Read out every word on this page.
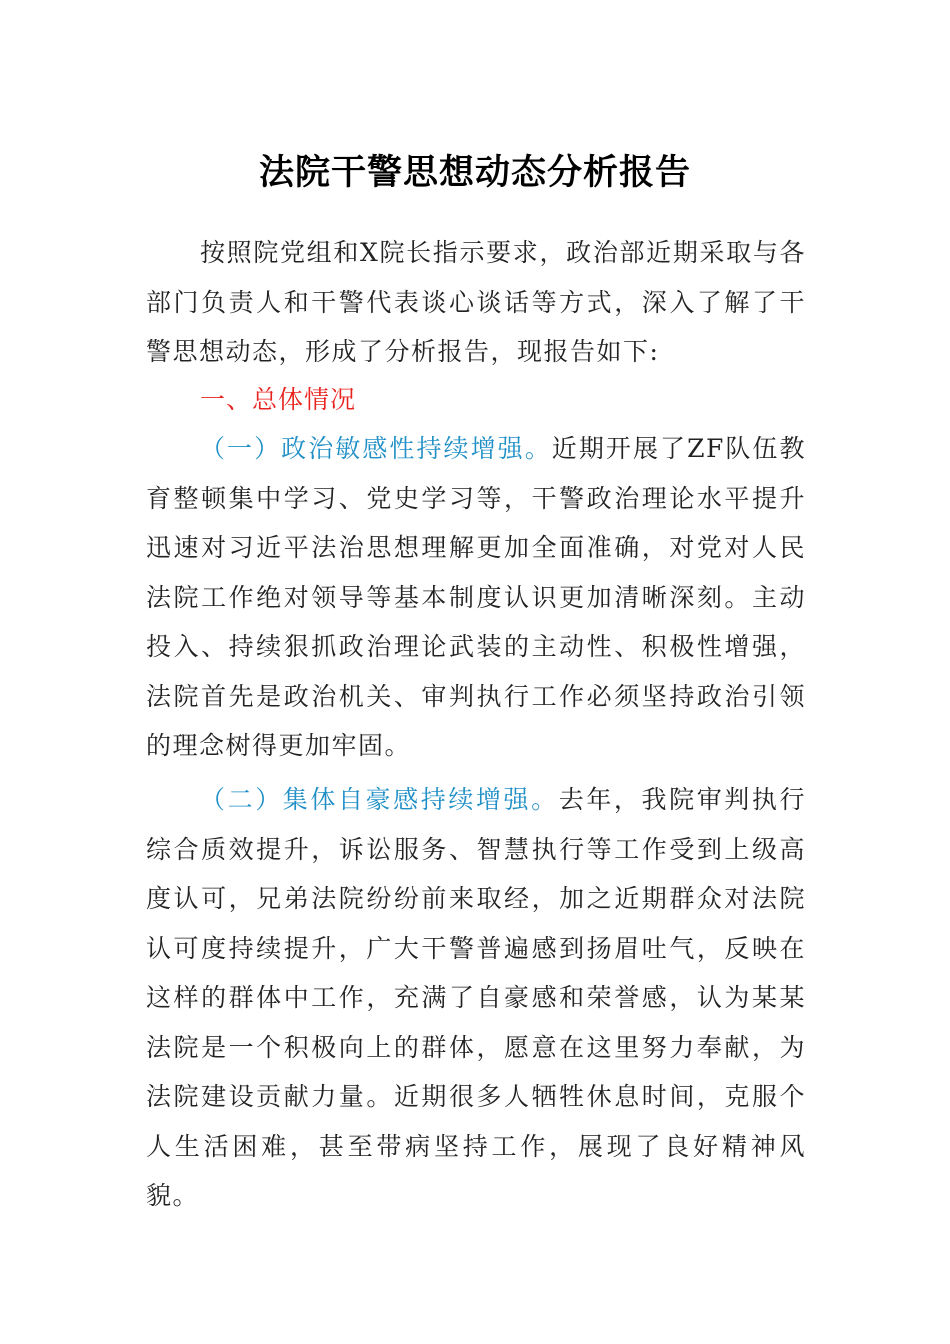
法院干警思想动态分析报告

按照院党组和X院长指示要求，政治部近期采取与各部门负责人和干警代表谈心谈话等方式，深入了解了干警思想动态，形成了分析报告，现报告如下:

一、总体情况

（一）政治敏感性持续增强。近期开展了ZF队伍教育整顿集中学习、党史学习等，干警政治理论水平提升迅速对习近平法治思想理解更加全面准确，对党对人民法院工作绝对领导等基本制度认识更加清晰深刻。主动投入、持续狠抓政治理论武装的主动性、积极性增强，法院首先是政治机关、审判执行工作必须坚持政治引领的理念树得更加牢固。

（二）集体自豪感持续增强。去年，我院审判执行综合质效提升，诉讼服务、智慧执行等工作受到上级高度认可，兄弟法院纷纷前来取经，加之近期群众对法院认可度持续提升，广大干警普遍感到扬眉吐气，反映在这样的群体中工作，充满了自豪感和荣誉感，认为某某法院是一个积极向上的群体，愿意在这里努力奉献，为法院建设贡献力量。近期很多人牺牲休息时间，克服个人生活困难，甚至带病坚持工作，展现了良好精神风貌。
